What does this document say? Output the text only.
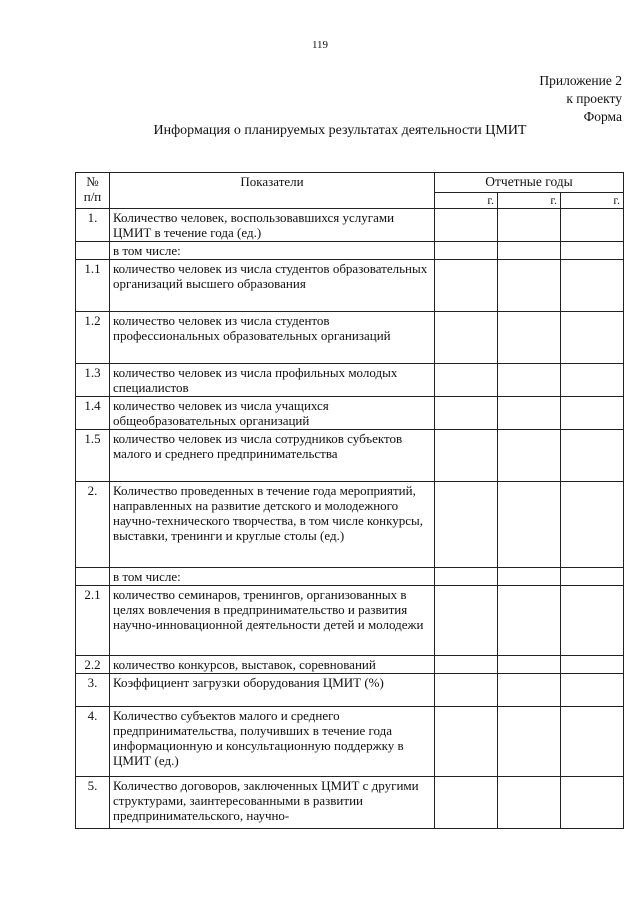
119
Приложение 2
к проекту
Форма
Информация о планируемых результатах деятельности ЦМИТ
№
п/п	Показатели	Отчетные годы		
		г.	г.	г.
1.	Количество человек, воспользовавшихся услугами ЦМИТ в течение года (ед.)			
	в том числе:			
1.1	количество человек из числа студентов образовательных организаций высшего образования			
1.2	количество человек из числа студентов профессиональных образовательных организаций			
1.3	количество человек из числа профильных молодых специалистов			
1.4	количество человек из числа учащихся общеобразовательных организаций			
1.5	количество человек из числа сотрудников субъектов малого и среднего предпринимательства			
2.	Количество проведенных в течение года мероприятий, направленных на развитие детского и молодежного научно-технического творчества, в том числе конкурсы, выставки, тренинги и круглые столы (ед.)			
	в том числе:			
2.1	количество семинаров, тренингов, организованных в целях вовлечения в предпринимательство и развития научно-инновационной деятельности детей и молодежи			
2.2	количество конкурсов, выставок, соревнований			
3.	Коэффициент загрузки оборудования ЦМИТ (%)			
4.	Количество субъектов малого и среднего предпринимательства, получивших в течение года информационную и консультационную поддержку в ЦМИТ (ед.)			
5.	Количество договоров, заключенных ЦМИТ с другими структурами, заинтересованными в развитии предпринимательского, научно-			
